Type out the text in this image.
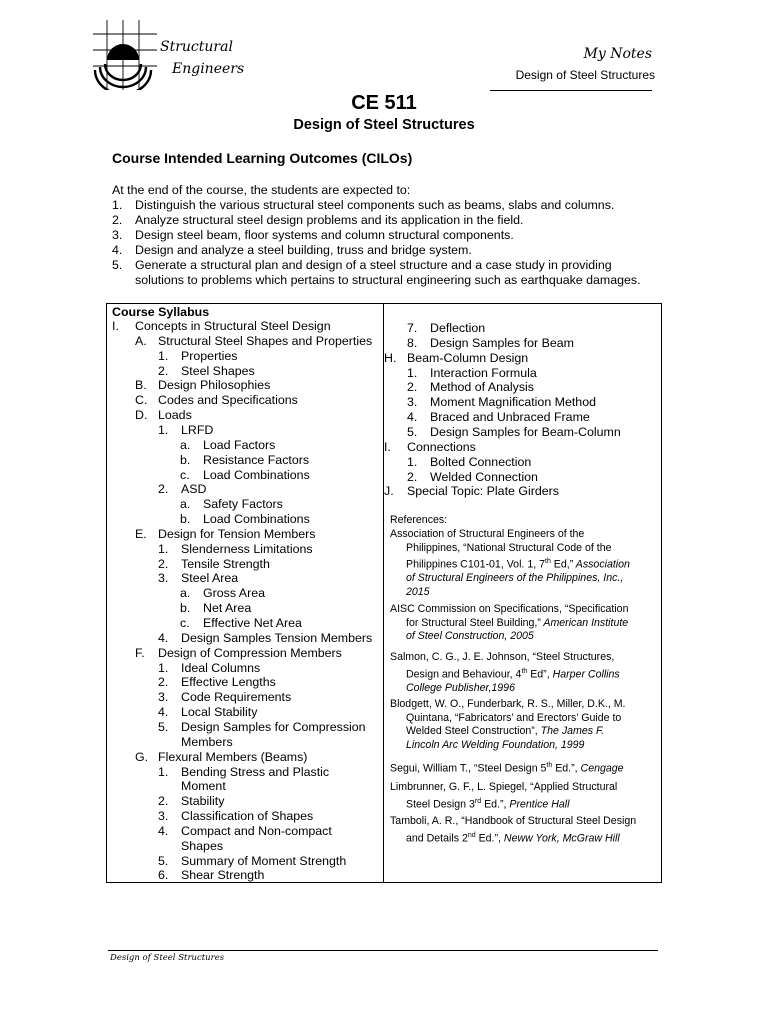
Structural
Engineers
My Notes
Design of Steel Structures
CE 511
Design of Steel Structures
Course Intended Learning Outcomes (CILOs)
At the end of the course, the students are expected to:
1. Distinguish the various structural steel components such as beams, slabs and columns.
2. Analyze structural steel design problems and its application in the field.
3. Design steel beam, floor systems and column structural components.
4. Design and analyze a steel building, truss and bridge system.
5. Generate a structural plan and design of a steel structure and a case study in providing
solutions to problems which pertains to structural engineering such as earthquake damages.
Course Syllabus
I. Concepts in Structural Steel Design
A. Structural Steel Shapes and Properties
1. Properties
2. Steel Shapes
B. Design Philosophies
C. Codes and Specifications
D. Loads
1. LRFD
a. Load Factors
b. Resistance Factors
c. Load Combinations
2. ASD
a. Safety Factors
b. Load Combinations
E. Design for Tension Members
1. Slenderness Limitations
2. Tensile Strength
3. Steel Area
a. Gross Area
b. Net Area
c. Effective Net Area
4. Design Samples Tension Members
F. Design of Compression Members
1. Ideal Columns
2. Effective Lengths
3. Code Requirements
4. Local Stability
5. Design Samples for Compression
Members
G. Flexural Members (Beams)
1. Bending Stress and Plastic
Moment
2. Stability
3. Classification of Shapes
4. Compact and Non-compact
Shapes
5. Summary of Moment Strength
6. Shear Strength
7. Deflection
8. Design Samples for Beam
H. Beam-Column Design
1. Interaction Formula
2. Method of Analysis
3. Moment Magnification Method
4. Braced and Unbraced Frame
5. Design Samples for Beam-Column
I. Connections
1. Bolted Connection
2. Welded Connection
J. Special Topic: Plate Girders
References:
Association of Structural Engineers of the
Philippines, “National Structural Code of the
Philippines C101-01, Vol. 1, 7th Ed,” Association
of Structural Engineers of the Philippines, Inc.,
2015
AISC Commission on Specifications, “Specification
for Structural Steel Building,” American Institute
of Steel Construction, 2005
Salmon, C. G., J. E. Johnson, “Steel Structures,
Design and Behaviour, 4th Ed”, Harper Collins
College Publisher,1996
Blodgett, W. O., Funderbark, R. S., Miller, D.K., M.
Quintana, “Fabricators’ and Erectors’ Guide to
Welded Steel Construction”, The James F.
Lincoln Arc Welding Foundation, 1999
Segui, William T., “Steel Design 5th Ed.”, Cengage
Limbrunner, G. F., L. Spiegel, “Applied Structural
Steel Design 3rd Ed.”, Prentice Hall
Tamboli, A. R., “Handbook of Structural Steel Design
and Details 2nd Ed.”, Neww York, McGraw Hill
Design of Steel Structures
